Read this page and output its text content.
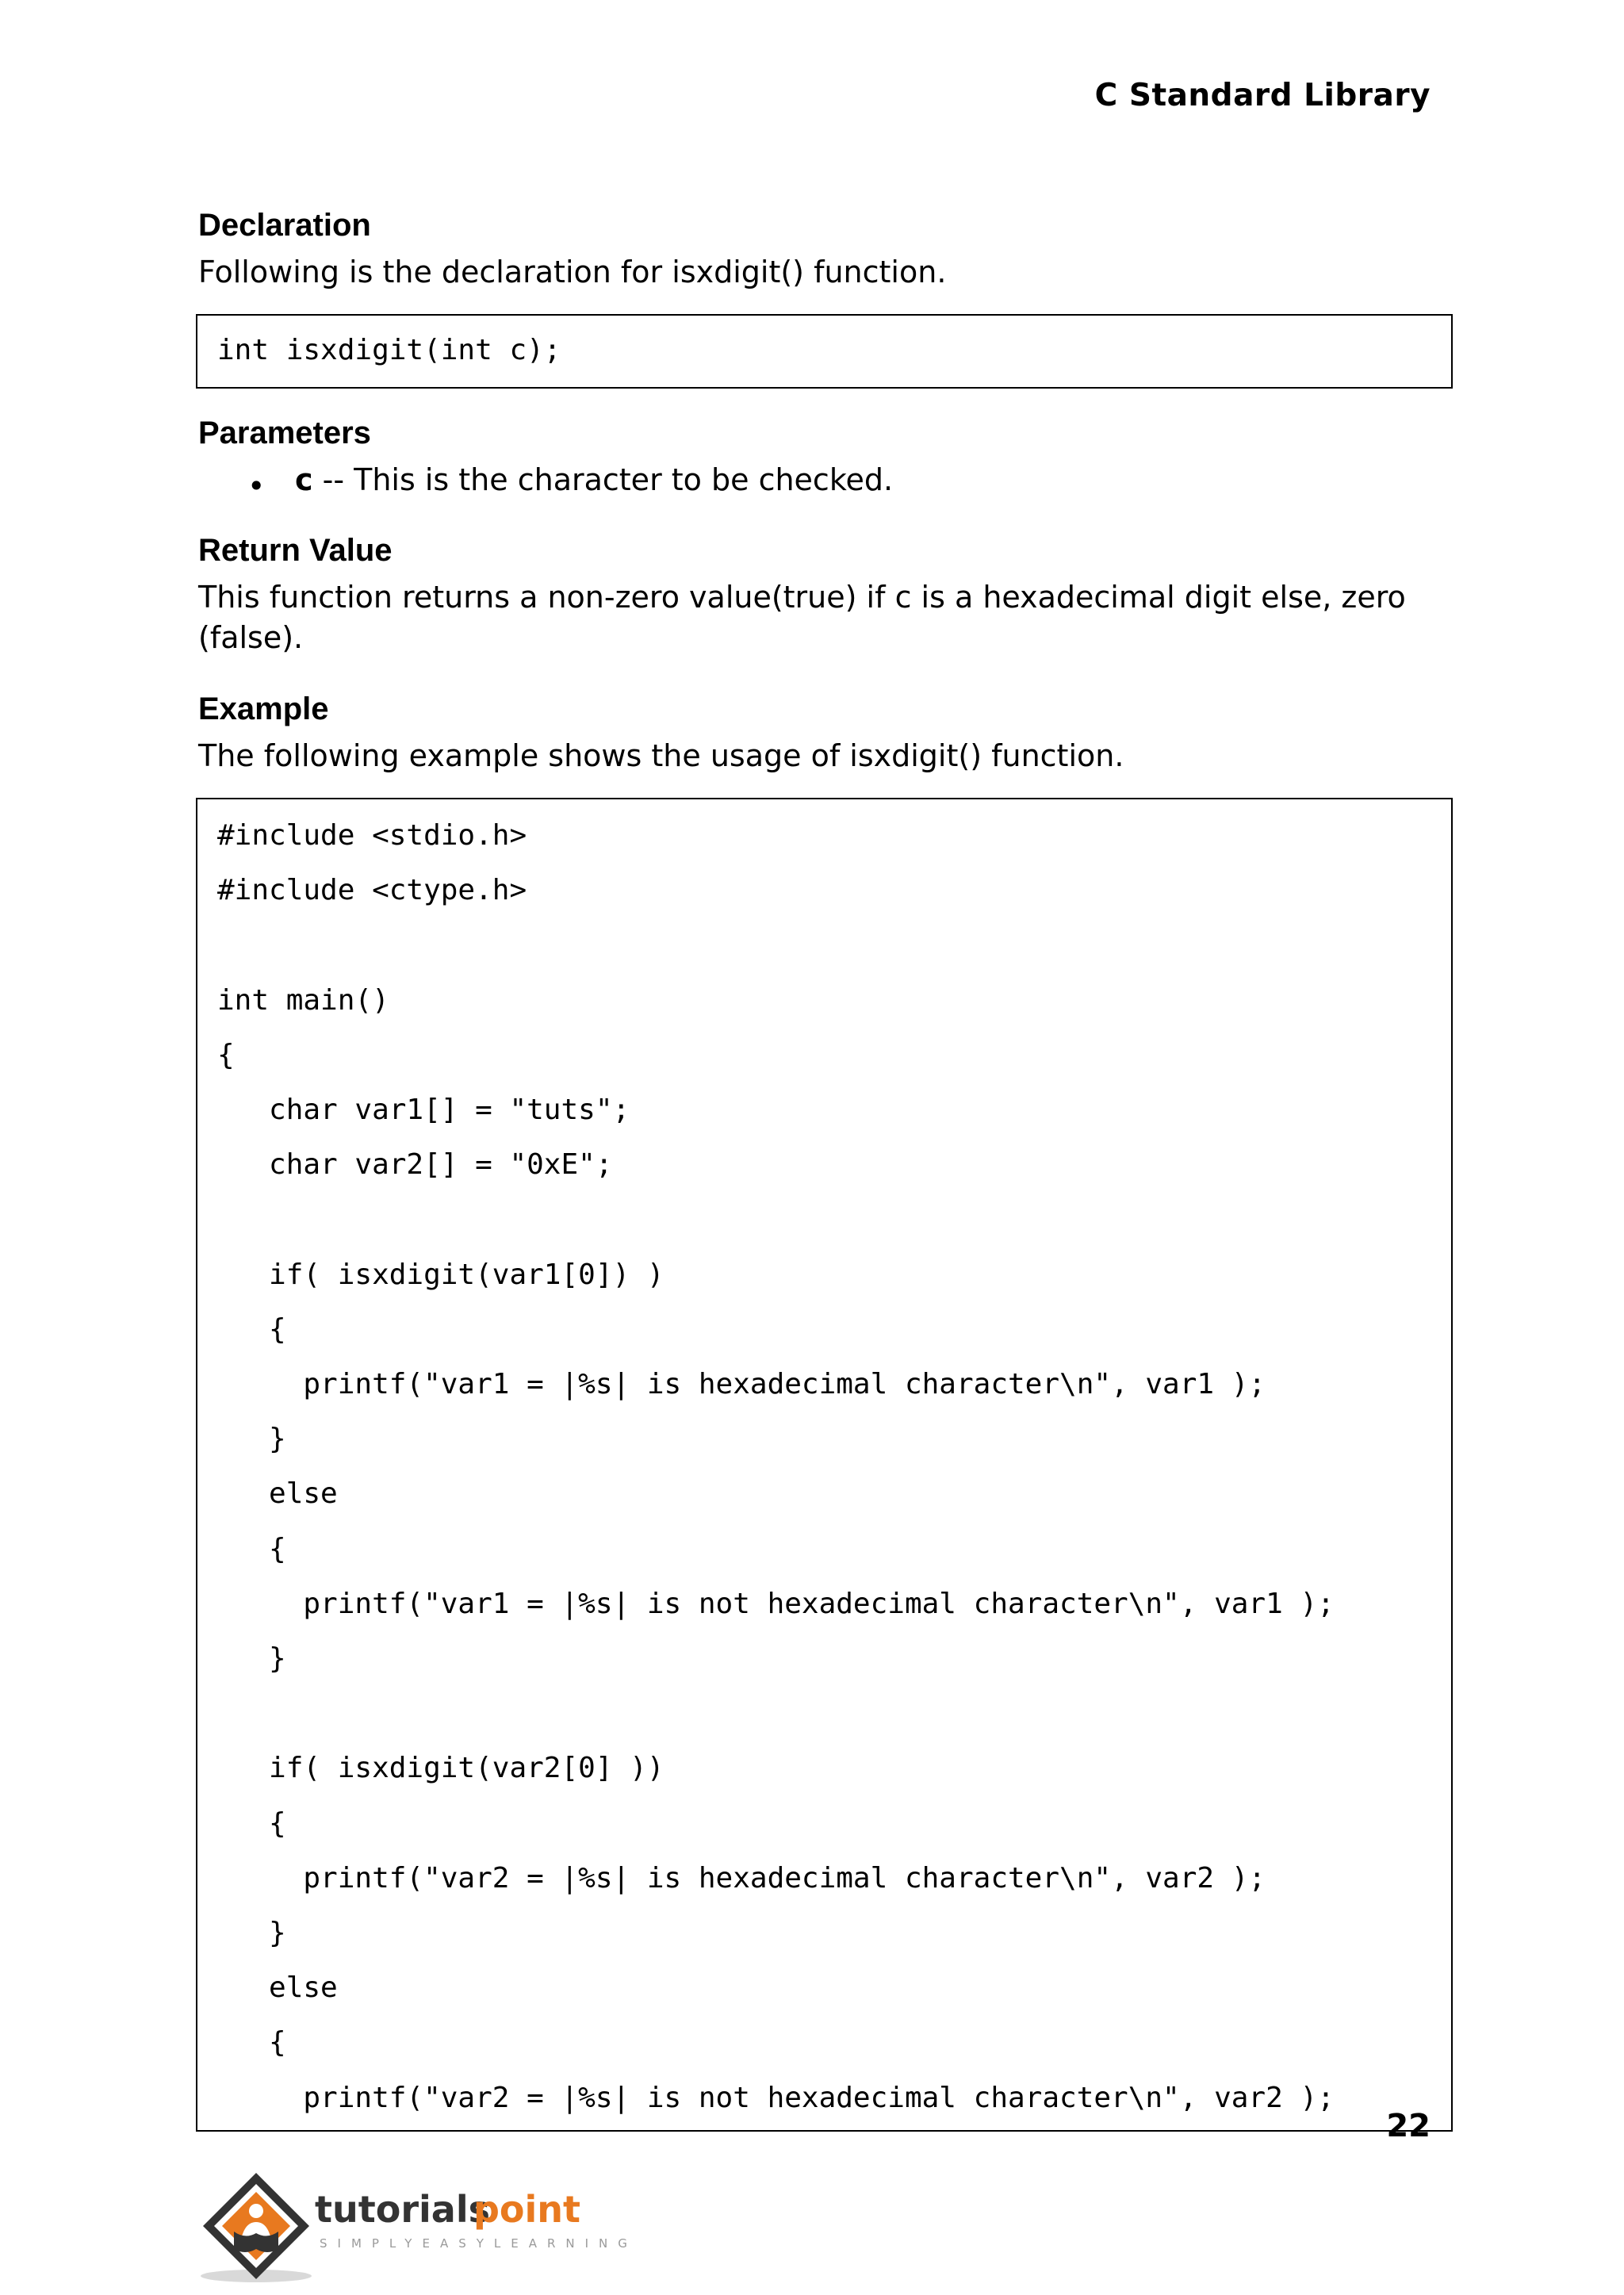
C Standard Library
Declaration
Following is the declaration for isxdigit() function.
int isxdigit(int c);
Parameters
• c -- This is the character to be checked.
Return Value
This function returns a non-zero value(true) if c is a hexadecimal digit else, zero (false).
Example
The following example shows the usage of isxdigit() function.
#include <stdio.h>
#include <ctype.h>
int main()
{
char var1[] = "tuts";
char var2[] = "0xE";
if( isxdigit(var1[0]) )
{
printf("var1 = |%s| is hexadecimal character\n", var1 );
}
else
{
printf("var1 = |%s| is not hexadecimal character\n", var1 );
}
if( isxdigit(var2[0] ))
{
printf("var2 = |%s| is hexadecimal character\n", var2 );
}
else
{
printf("var2 = |%s| is not hexadecimal character\n", var2 );
22
tutorials
point
SIMPLYEASYLEARNING
